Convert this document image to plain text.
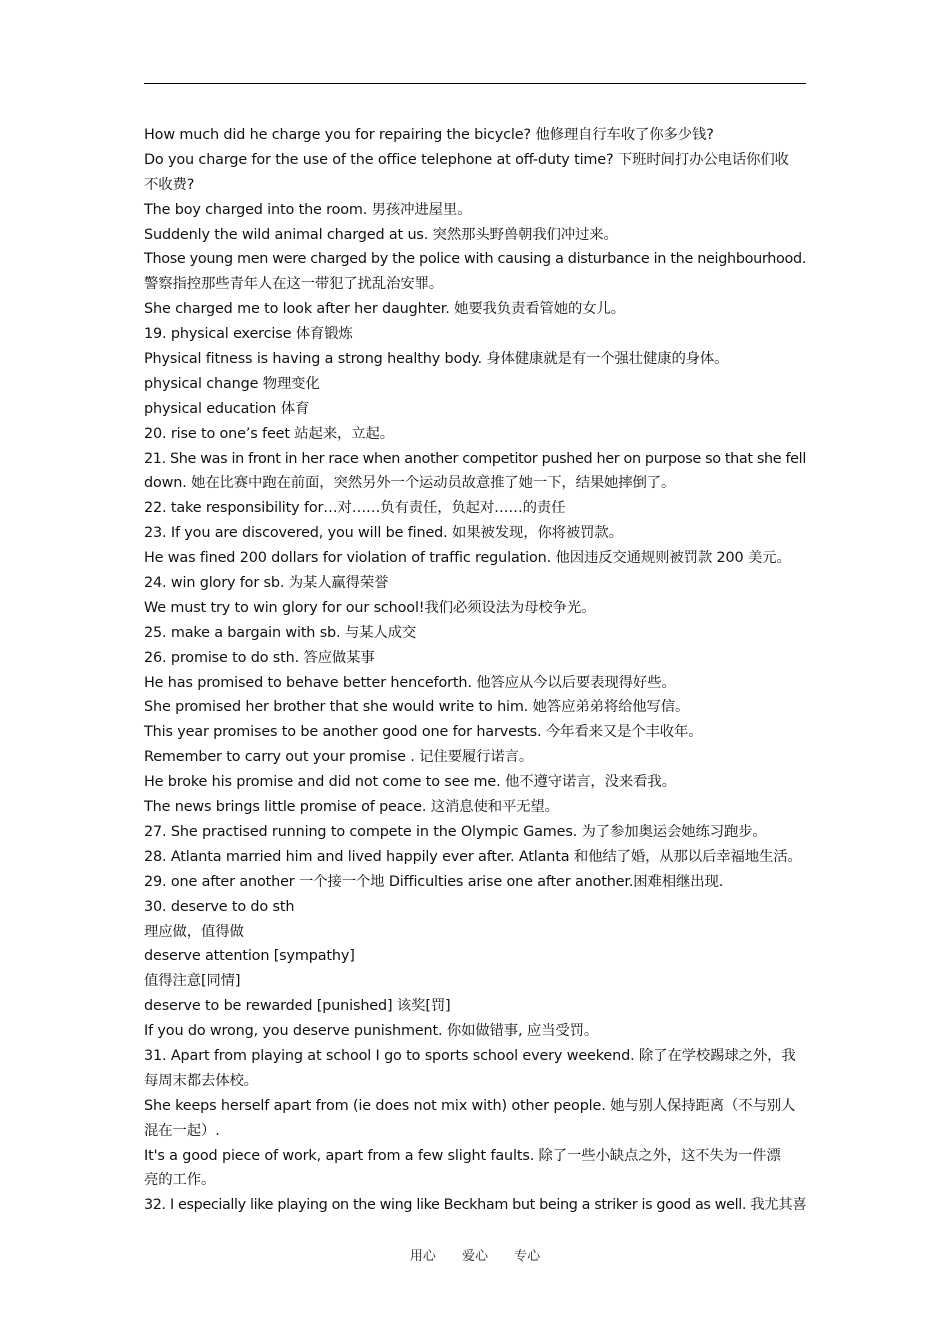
How much did he charge you for repairing the bicycle? 他修理自行车收了你多少钱?
Do you charge for the use of the office telephone at off-duty time? 下班时间打办公电话你们收
不收费?
The boy charged into the room. 男孩冲进屋里。
Suddenly the wild animal charged at us. 突然那头野兽朝我们冲过来。
Those young men were charged by the police with causing a disturbance in the neighbourhood.
警察指控那些青年人在这一带犯了扰乱治安罪。
She charged me to look after her daughter. 她要我负责看管她的女儿。
19. physical exercise 体育锻炼
Physical fitness is having a strong healthy body. 身体健康就是有一个强壮健康的身体。
physical change 物理变化
physical education 体育
20. rise to one’s feet 站起来，立起。
21. She was in front in her race when another competitor pushed her on purpose so that she fell
down. 她在比赛中跑在前面，突然另外一个运动员故意推了她一下，结果她摔倒了。
22. take responsibility for…对……负有责任，负起对……的责任
23. If you are discovered, you will be fined. 如果被发现，你将被罚款。
He was fined 200 dollars for violation of traffic regulation. 他因违反交通规则被罚款 200 美元。
24. win glory for sb. 为某人赢得荣誉
We must try to win glory for our school!我们必须设法为母校争光。
25. make a bargain with sb. 与某人成交
26. promise to do sth. 答应做某事
He has promised to behave better henceforth. 他答应从今以后要表现得好些。
She promised her brother that she would write to him. 她答应弟弟将给他写信。
This year promises to be another good one for harvests. 今年看来又是个丰收年。
Remember to carry out your promise . 记住要履行诺言。
He broke his promise and did not come to see me. 他不遵守诺言，没来看我。
The news brings little promise of peace. 这消息使和平无望。
27. She practised running to compete in the Olympic Games. 为了参加奥运会她练习跑步。
28. Atlanta married him and lived happily ever after. Atlanta 和他结了婚，从那以后幸福地生活。
29. one after another 一个接一个地 Difficulties arise one after another.困难相继出现.
30. deserve to do sth
理应做，值得做
deserve attention [sympathy]
值得注意[同情]
deserve to be rewarded [punished] 该奖[罚]
If you do wrong, you deserve punishment. 你如做错事, 应当受罚。
31. Apart from playing at school I go to sports school every weekend. 除了在学校踢球之外，我
每周末都去体校。
She keeps herself apart from (ie does not mix with) other people. 她与别人保持距离（不与别人
混在一起）.
It's a good piece of work, apart from a few slight faults. 除了一些小缺点之外，这不失为一件漂
亮的工作。
32. I especially like playing on the wing like Beckham but being a striker is good as well. 我尤其喜
用心 爱心 专心
